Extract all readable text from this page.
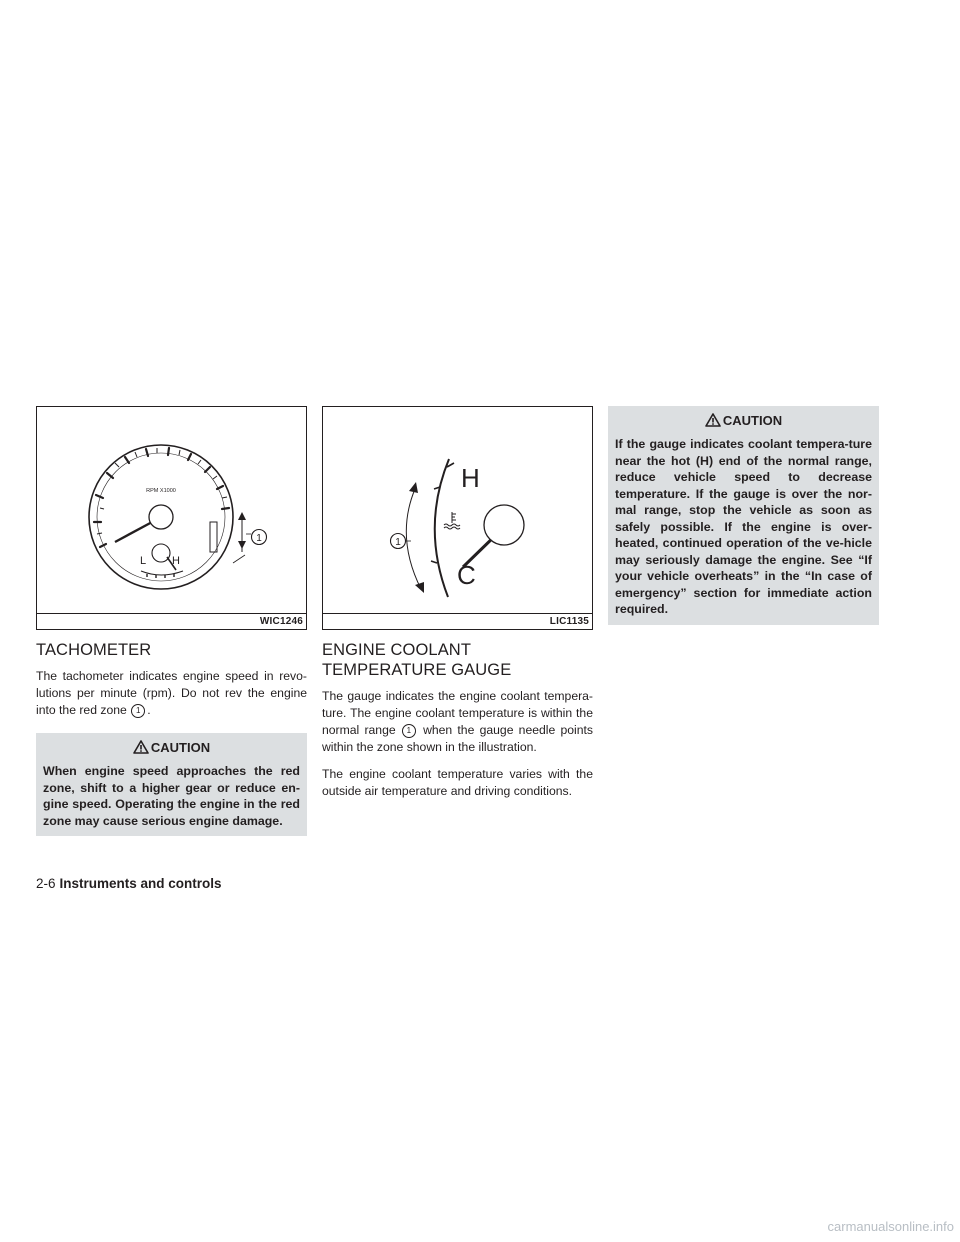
RPM X1000
L H
1
WIC1246
TACHOMETER

The tachometer indicates engine speed in revo-lutions per minute (rpm). Do not rev the engine into the red zone 1 .

CAUTION
When engine speed approaches the red zone, shift to a higher gear or reduce en-gine speed. Operating the engine in the red zone may cause serious engine damage.
H
C
1
LIC1135
ENGINE COOLANT TEMPERATURE GAUGE

The gauge indicates the engine coolant tempera-ture. The engine coolant temperature is within the normal range 1 when the gauge needle points within the zone shown in the illustration.

The engine coolant temperature varies with the outside air temperature and driving conditions.

CAUTION
If the gauge indicates coolant tempera-ture near the hot (H) end of the normal range, reduce vehicle speed to decrease temperature. If the gauge is over the nor-mal range, stop the vehicle as soon as safely possible. If the engine is over-heated, continued operation of the ve-hicle may seriously damage the engine. See “If your vehicle overheats” in the “In case of emergency” section for immediate action required.
2-6 Instruments and controls
carmanualsonline.info
